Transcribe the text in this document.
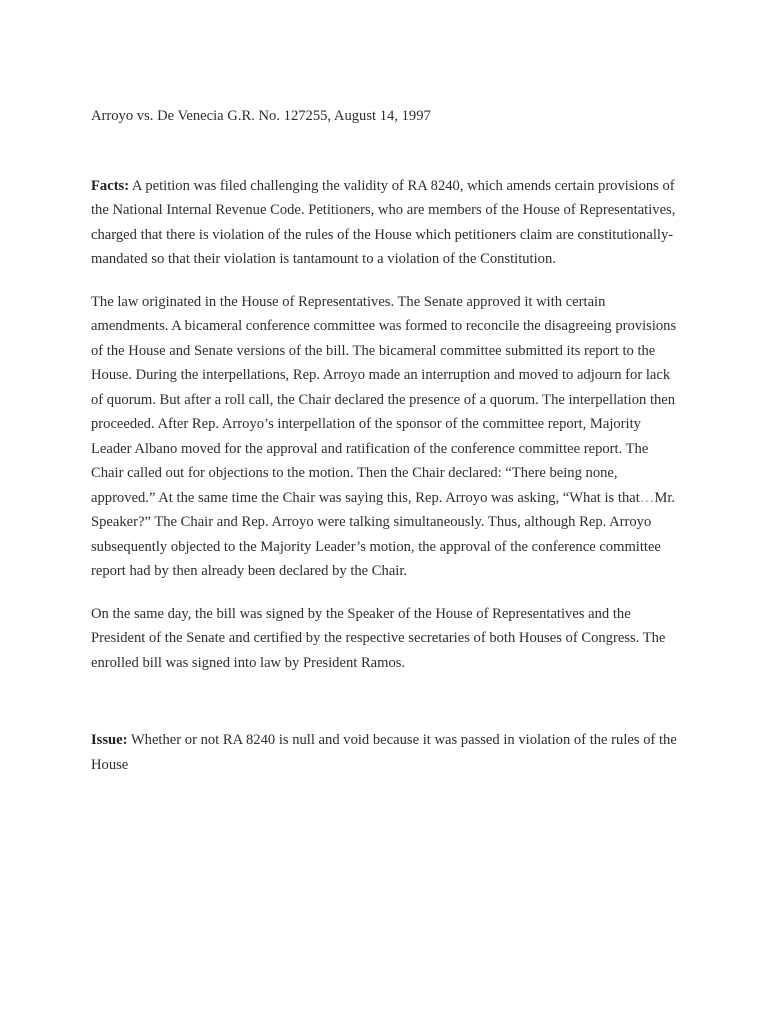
Arroyo vs. De Venecia G.R. No. 127255, August 14, 1997

Facts: A petition was filed challenging the validity of RA 8240, which amends certain provisions of the National Internal Revenue Code. Petitioners, who are members of the House of Representatives, charged that there is violation of the rules of the House which petitioners claim are constitutionally-mandated so that their violation is tantamount to a violation of the Constitution.

The law originated in the House of Representatives. The Senate approved it with certain amendments. A bicameral conference committee was formed to reconcile the disagreeing provisions of the House and Senate versions of the bill. The bicameral committee submitted its report to the House. During the interpellations, Rep. Arroyo made an interruption and moved to adjourn for lack of quorum. But after a roll call, the Chair declared the presence of a quorum. The interpellation then proceeded. After Rep. Arroyo’s interpellation of the sponsor of the committee report, Majority Leader Albano moved for the approval and ratification of the conference committee report. The Chair called out for objections to the motion. Then the Chair declared: “There being none, approved.” At the same time the Chair was saying this, Rep. Arroyo was asking, “What is that…Mr. Speaker?” The Chair and Rep. Arroyo were talking simultaneously. Thus, although Rep. Arroyo subsequently objected to the Majority Leader’s motion, the approval of the conference committee report had by then already been declared by the Chair.

On the same day, the bill was signed by the Speaker of the House of Representatives and the President of the Senate and certified by the respective secretaries of both Houses of Congress. The enrolled bill was signed into law by President Ramos.

Issue: Whether or not RA 8240 is null and void because it was passed in violation of the rules of the House
